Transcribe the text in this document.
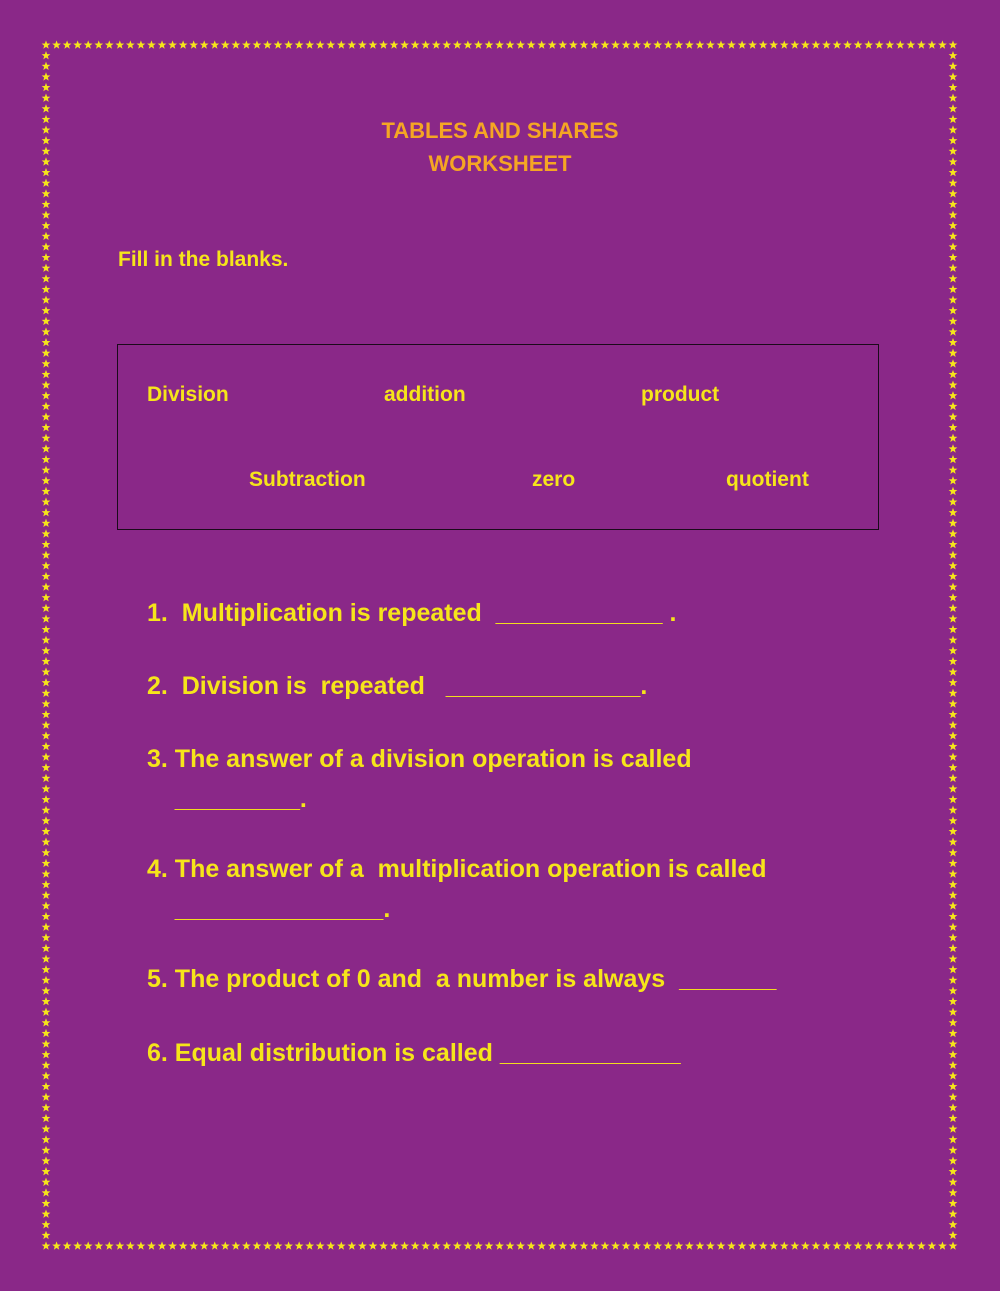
TABLES AND SHARES
WORKSHEET
Fill in the blanks.
Division	addition	product
Subtraction	zero	quotient
1.  Multiplication is repeated  ____________ .
2.  Division is  repeated   ______________.
3. The answer of a division operation is called
_________.
4. The answer of a  multiplication operation is called
_______________.
5. The product of 0 and  a number is always  _______
6. Equal distribution is called _____________
